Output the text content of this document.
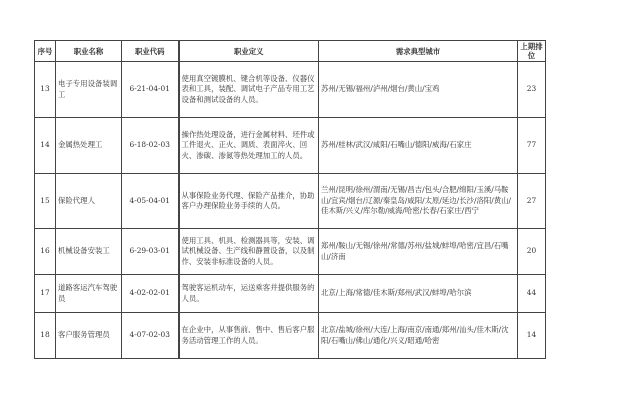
序号	职业名称	职业代码	职业定义	需求典型城市	上期排位
13	电子专用设备装调工	6-21-04-01	使用真空镀膜机、键合机等设备、仪器仪表和工具，装配、调试电子产品专用工艺设备和测试设备的人员。	苏州/无锡/福州/泸州/烟台/黄山/宝鸡	23
14	金属热处理工	6-18-02-03	操作热处理设备，进行金属材料、坯件或工件退火、正火、调质、表面淬火、回火、渗碳、渗氮等热处理加工的人员。	苏州/桂林/武汉/咸阳/石嘴山/德阳/威海/石家庄	77
15	保险代理人	4-05-04-01	从事保险业务代理、保险产品推介，协助客户办理保险业务手续的人员。	兰州/昆明/徐州/渭南/无锡/昌吉/包头/合肥/绵阳/玉溪/马鞍山/宜宾/烟台/辽源/秦皇岛/咸阳/太原/延边/长沙/洛阳/黄山/佳木斯/兴义/库尔勒/威海/哈密/长春/石家庄/西宁	27
16	机械设备安装工	6-29-03-01	使用工具、机具、检测器具等，安装、调试机械设备、生产线和静置设备，以及制作、安装非标准设备的人员。	郑州/鞍山/无锡/徐州/常德/苏州/盐城/蚌埠/哈密/宜昌/石嘴山/济南	20
17	道路客运汽车驾驶员	4-02-02-01	驾驶客运机动车，运送乘客并提供服务的人员。	北京/上海/常德/佳木斯/郑州/武汉/蚌埠/哈尔滨	44
18	客户服务管理员	4-07-02-03	在企业中，从事售前、售中、售后客户服务活动管理工作的人员。	北京/盐城/徐州/大连/上海/南京/南通/郑州/汕头/佳木斯/沈阳/石嘴山/佛山/通化/兴义/昭通/哈密	14
